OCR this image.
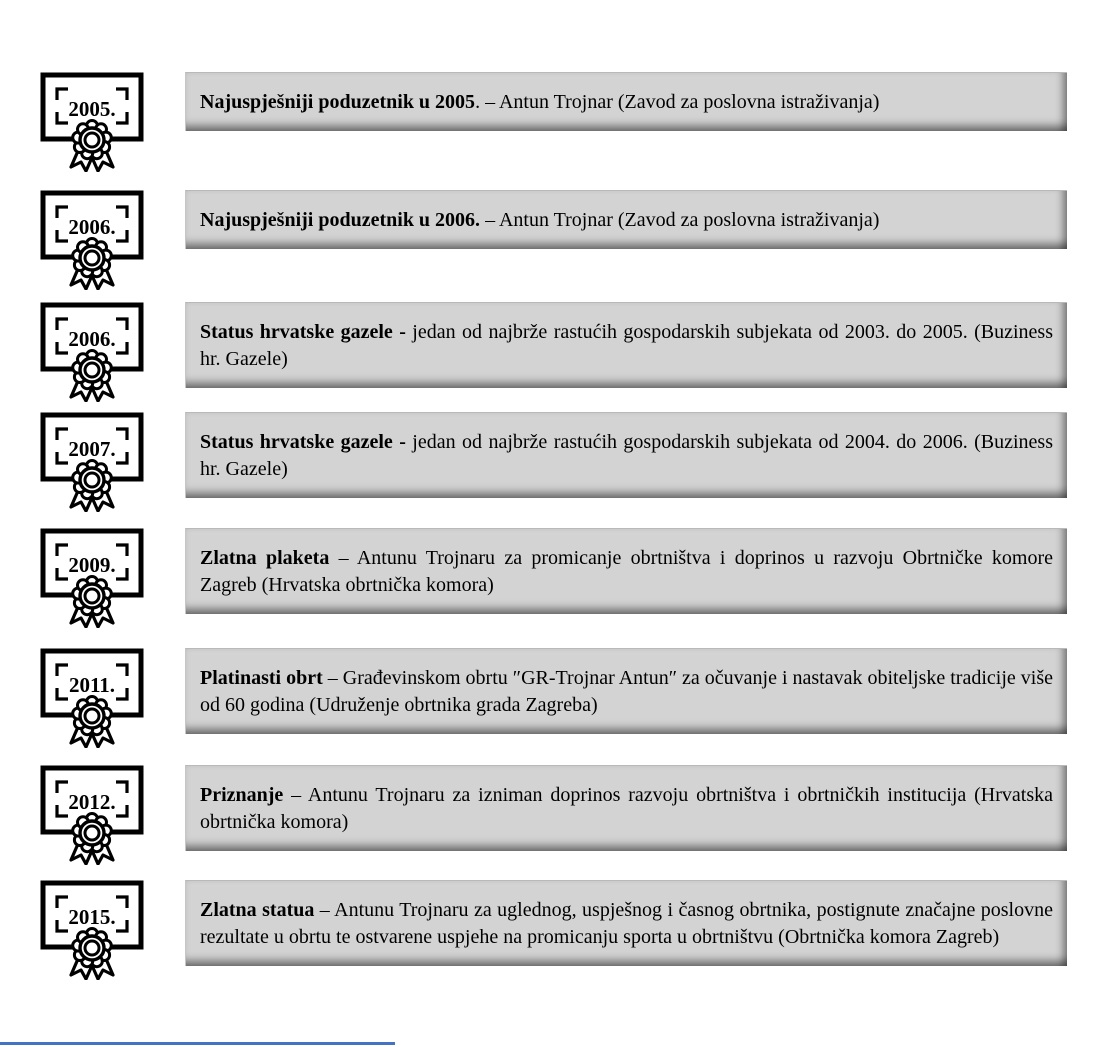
2005.	Najuspješniji poduzetnik u 2005. – Antun Trojnar (Zavod za poslovna istraživanja)
2006.	Najuspješniji poduzetnik u 2006. – Antun Trojnar (Zavod za poslovna istraživanja)
2006.	Status hrvatske gazele - jedan od najbrže rastućih gospodarskih subjekata od 2003. do 2005. (Buziness hr. Gazele)
2007.	Status hrvatske gazele - jedan od najbrže rastućih gospodarskih subjekata od 2004. do 2006. (Buziness hr. Gazele)
2009.	Zlatna plaketa – Antunu Trojnaru za promicanje obrtništva i doprinos u razvoju Obrtničke komore Zagreb (Hrvatska obrtnička komora)
2011.	Platinasti obrt – Građevinskom obrtu ″GR-Trojnar Antun″ za očuvanje i nastavak obiteljske tradicije više od 60 godina (Udruženje obrtnika grada Zagreba)
2012.	Priznanje – Antunu Trojnaru za izniman doprinos razvoju obrtništva i obrtničkih institucija (Hrvatska obrtnička komora)
2015.	Zlatna statua – Antunu Trojnaru za uglednog, uspješnog i časnog obrtnika, postignute značajne poslovne rezultate u obrtu te ostvarene uspjehe na promicanju sporta u obrtništvu (Obrtnička komora Zagreb)
